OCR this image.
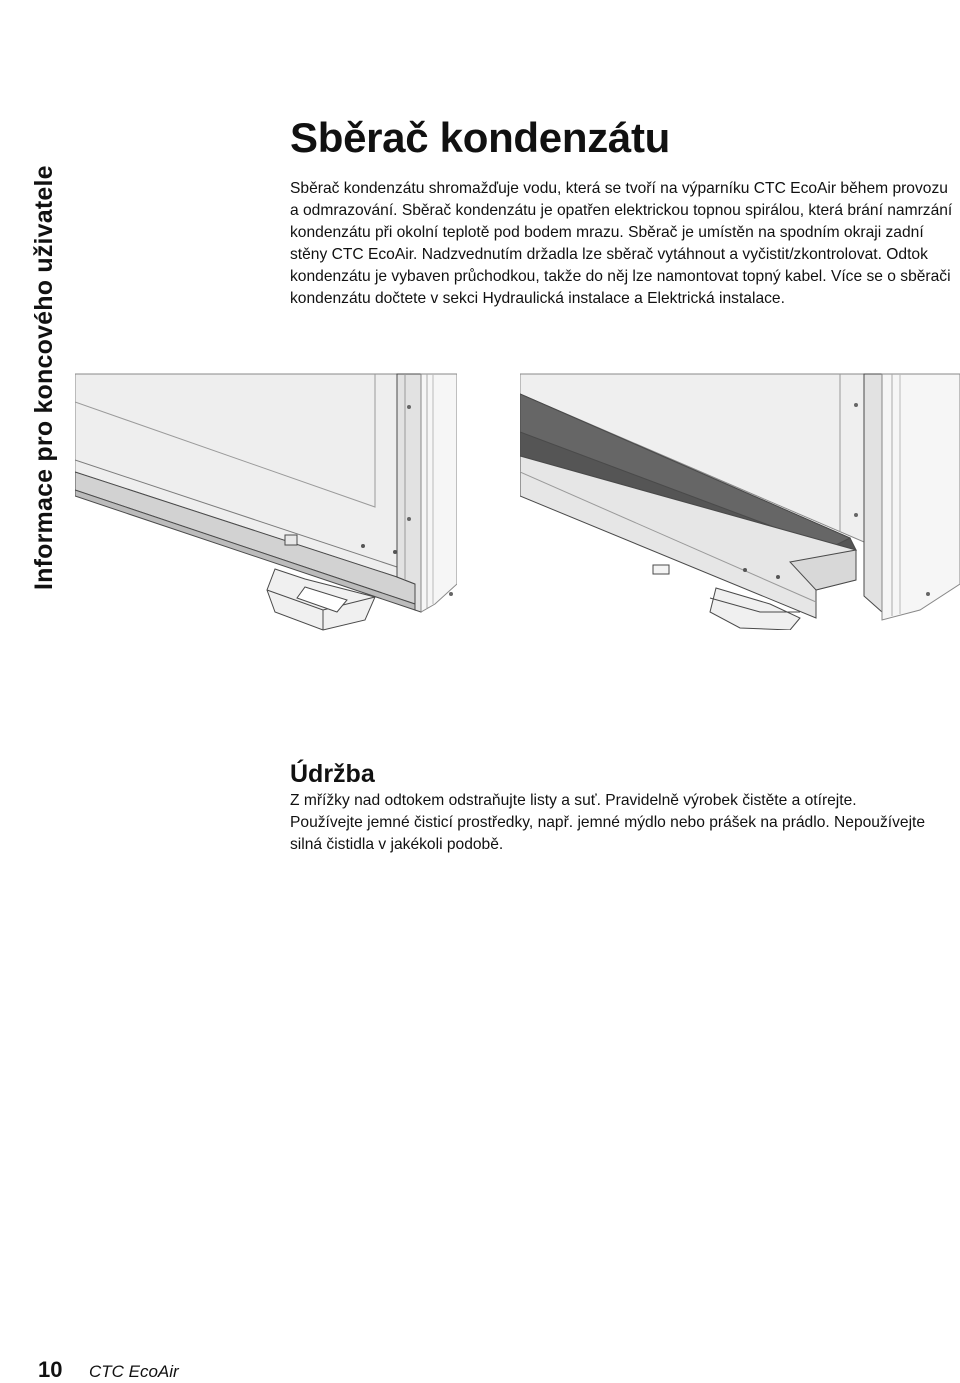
Informace pro koncového uživatele
Sběrač kondenzátu

Sběrač kondenzátu shromažďuje vodu, která se tvoří na výparníku CTC EcoAir během provozu a odmrazování. Sběrač kondenzátu je opatřen elektrickou topnou spirálou, která brání namrzání kondenzátu při okolní teplotě pod bodem mrazu. Sběrač je umístěn na spodním okraji zadní stěny CTC EcoAir. Nadzvednutím držadla lze sběrač vytáhnout a vyčistit/zkontrolovat. Odtok kondenzátu je vybaven průchodkou, takže do něj lze namontovat topný kabel. Více se o sběrači kondenzátu dočtete v sekci Hydraulická instalace a Elektrická instalace.

Údržba

Z mřížky nad odtokem odstraňujte listy a suť. Pravidelně výrobek čistěte a otírejte. Používejte jemné čisticí prostředky, např. jemné mýdlo nebo prášek na prádlo. Nepoužívejte silná čistidla v jakékoli podobě.

10 CTC EcoAir
